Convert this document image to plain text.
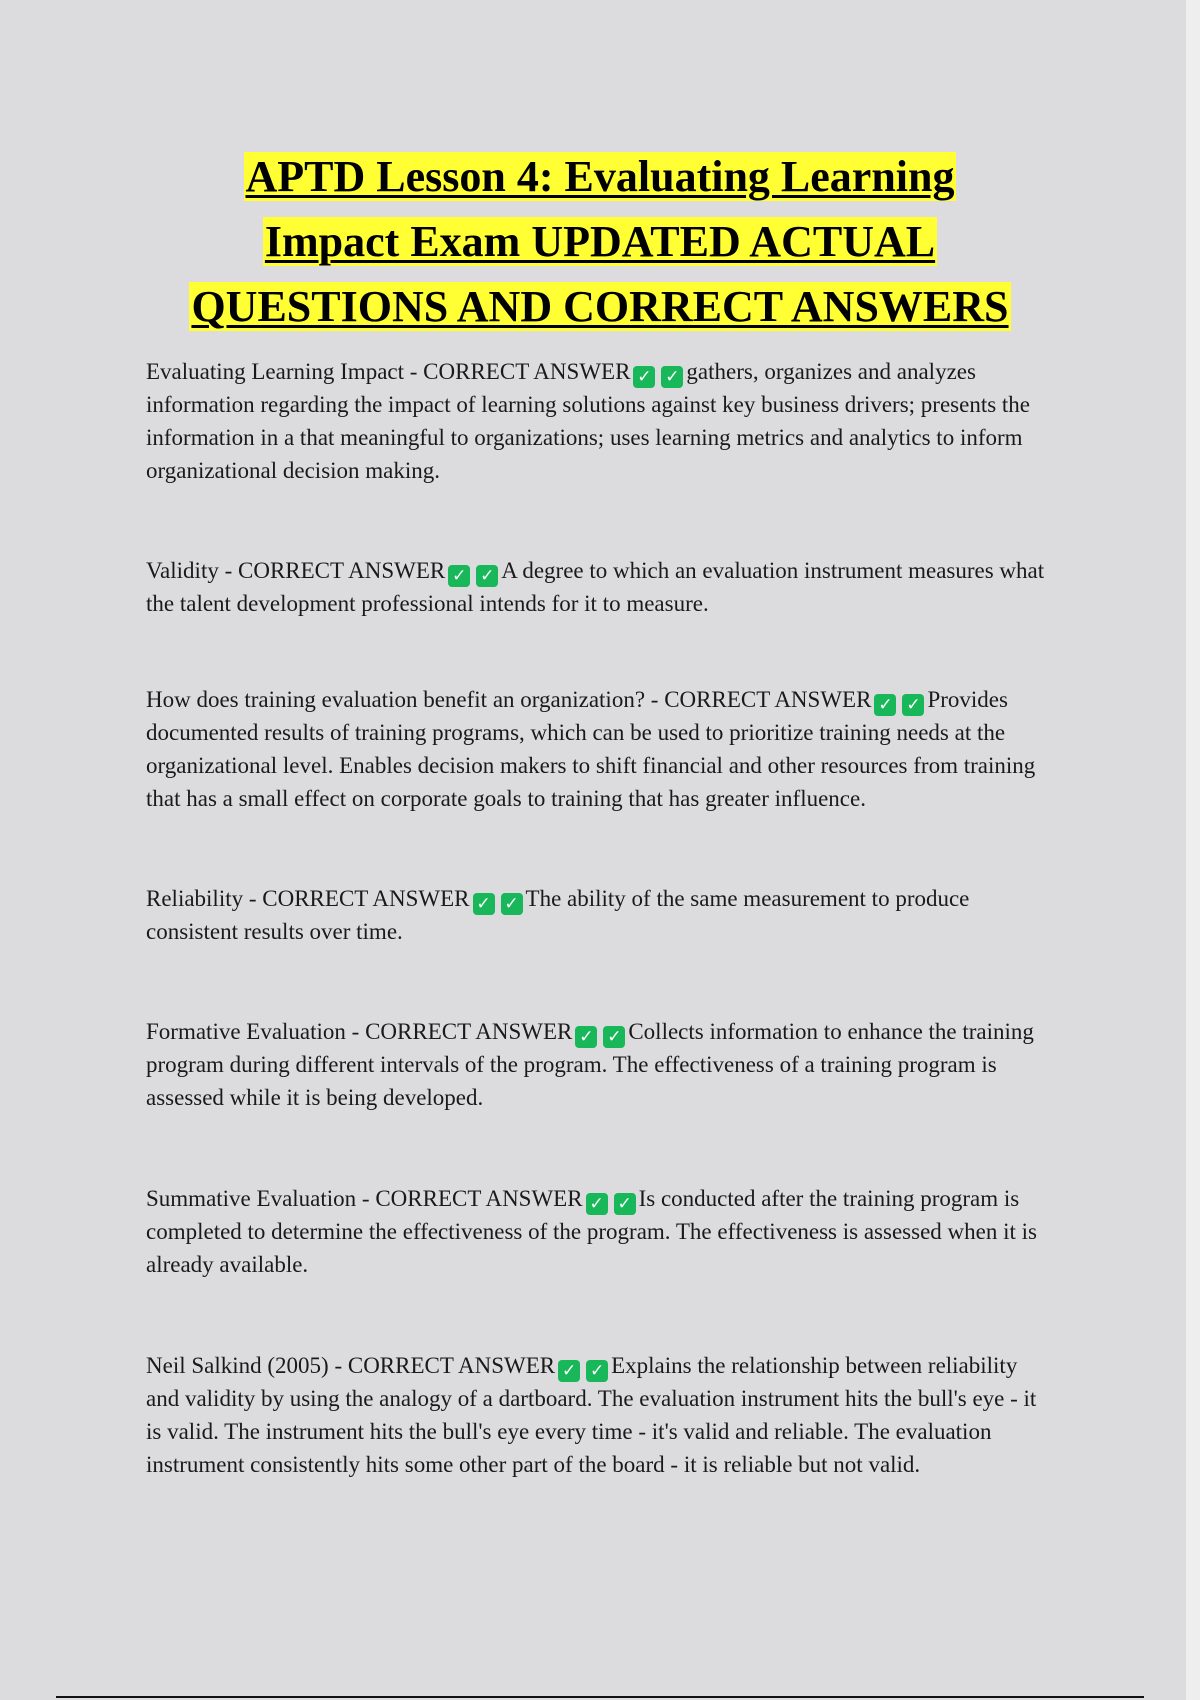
APTD Lesson 4: Evaluating Learning
Impact Exam UPDATED ACTUAL
QUESTIONS AND CORRECT ANSWERS

Evaluating Learning Impact - CORRECT ANSWER ✓ ✓ gathers, organizes and analyzes information regarding the impact of learning solutions against key business drivers; presents the information in a that meaningful to organizations; uses learning metrics and analytics to inform organizational decision making.

Validity - CORRECT ANSWER ✓ ✓ A degree to which an evaluation instrument measures what the talent development professional intends for it to measure.

How does training evaluation benefit an organization? - CORRECT ANSWER ✓ ✓ Provides documented results of training programs, which can be used to prioritize training needs at the organizational level. Enables decision makers to shift financial and other resources from training that has a small effect on corporate goals to training that has greater influence.

Reliability - CORRECT ANSWER ✓ ✓ The ability of the same measurement to produce consistent results over time.

Formative Evaluation - CORRECT ANSWER ✓ ✓ Collects information to enhance the training program during different intervals of the program. The effectiveness of a training program is assessed while it is being developed.

Summative Evaluation - CORRECT ANSWER ✓ ✓ Is conducted after the training program is completed to determine the effectiveness of the program. The effectiveness is assessed when it is already available.

Neil Salkind (2005) - CORRECT ANSWER ✓ ✓ Explains the relationship between reliability and validity by using the analogy of a dartboard. The evaluation instrument hits the bull's eye - it is valid. The instrument hits the bull's eye every time - it's valid and reliable. The evaluation instrument consistently hits some other part of the board - it is reliable but not valid.
